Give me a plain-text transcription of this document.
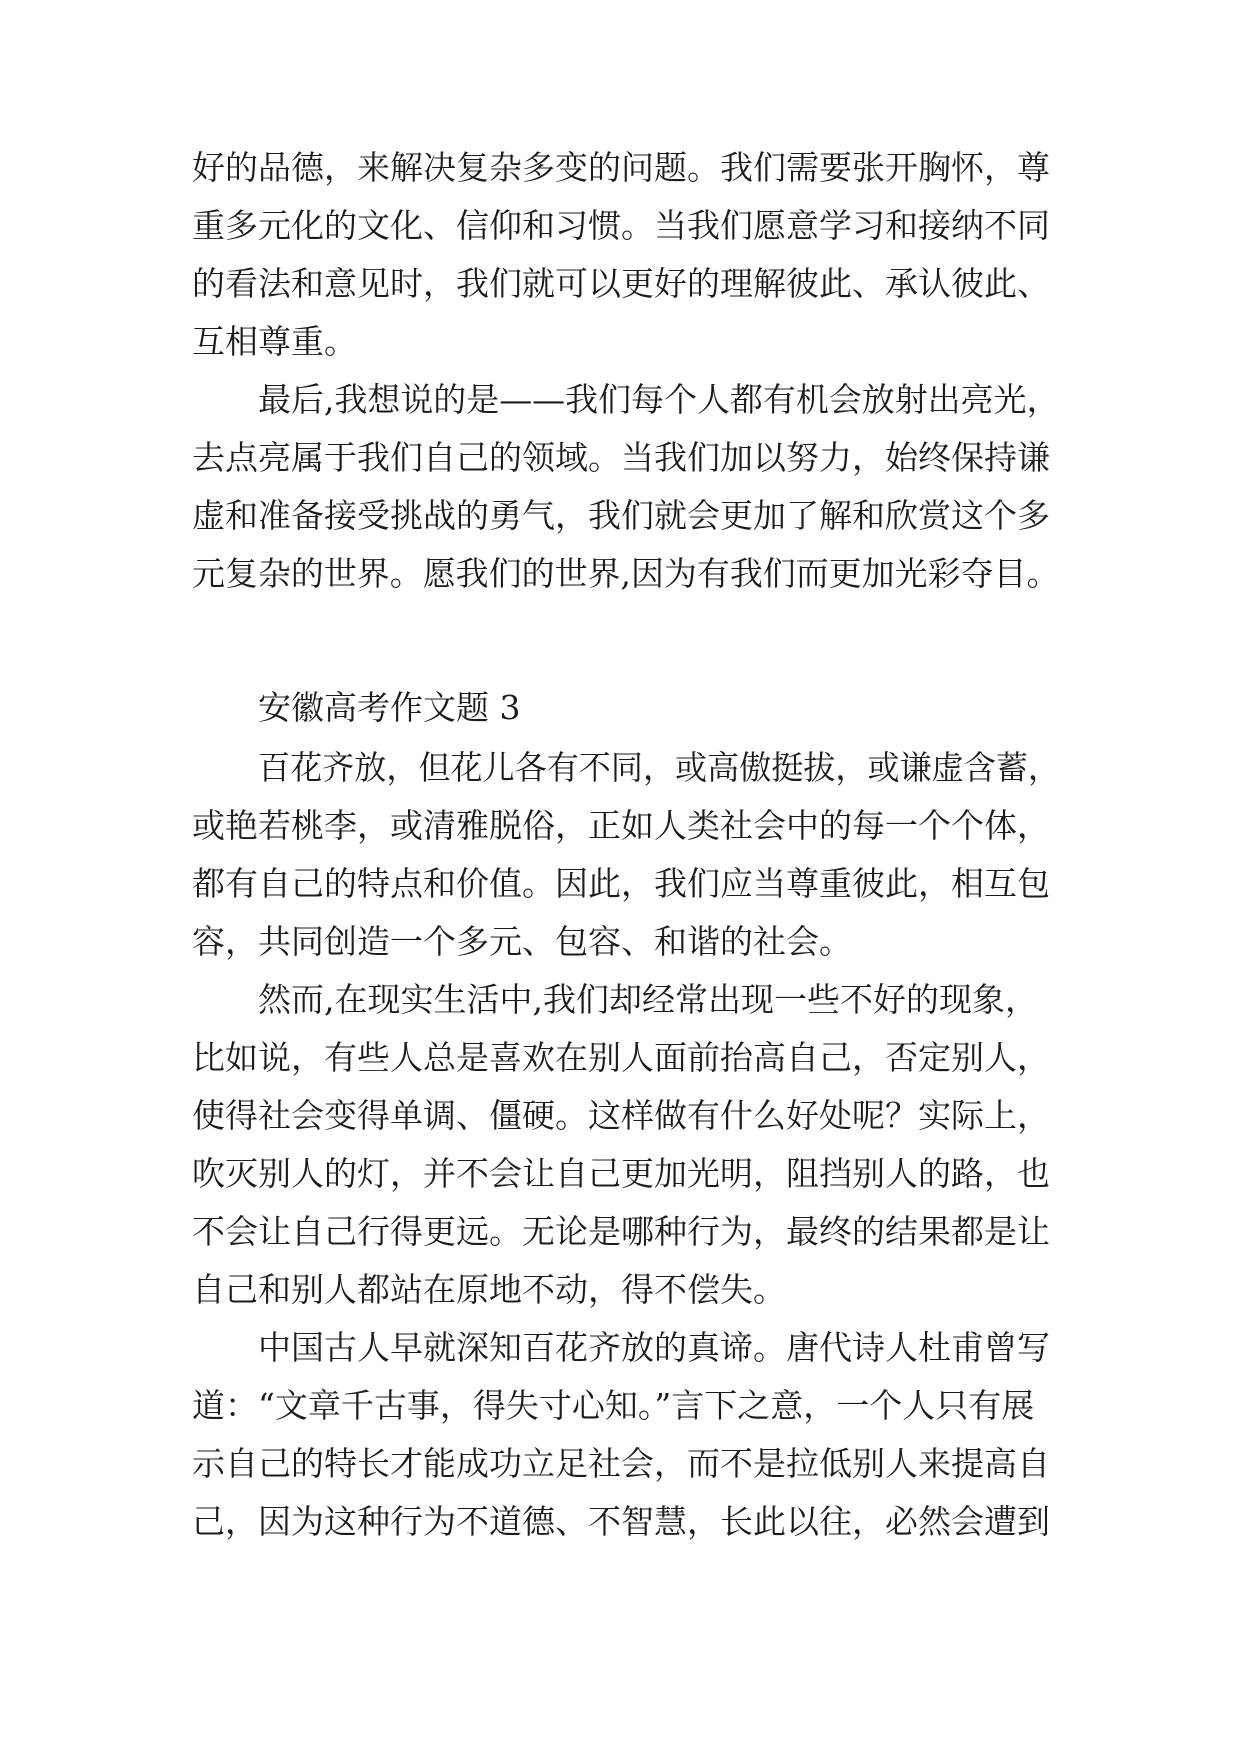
好的品德，来解决复杂多变的问题。我们需要张开胸怀，尊

重多元化的文化、信仰和习惯。当我们愿意学习和接纳不同

的看法和意见时，我们就可以更好的理解彼此、承认彼此、

互相尊重。

最后,我想说的是——我们每个人都有机会放射出亮光，

去点亮属于我们自己的领域。当我们加以努力，始终保持谦

虚和准备接受挑战的勇气，我们就会更加了解和欣赏这个多

元复杂的世界。愿我们的世界,因为有我们而更加光彩夺目。

安徽高考作文题 3

百花齐放，但花儿各有不同，或高傲挺拔，或谦虚含蓄，

或艳若桃李，或清雅脱俗，正如人类社会中的每一个个体，

都有自己的特点和价值。因此，我们应当尊重彼此，相互包

容，共同创造一个多元、包容、和谐的社会。

然而,在现实生活中,我们却经常出现一些不好的现象，

比如说，有些人总是喜欢在别人面前抬高自己，否定别人，

使得社会变得单调、僵硬。这样做有什么好处呢？实际上，

吹灭别人的灯，并不会让自己更加光明，阻挡别人的路，也

不会让自己行得更远。无论是哪种行为，最终的结果都是让

自己和别人都站在原地不动，得不偿失。

中国古人早就深知百花齐放的真谛。唐代诗人杜甫曾写

道：“文章千古事，得失寸心知。”言下之意，一个人只有展

示自己的特长才能成功立足社会，而不是拉低别人来提高自

己，因为这种行为不道德、不智慧，长此以往，必然会遭到
